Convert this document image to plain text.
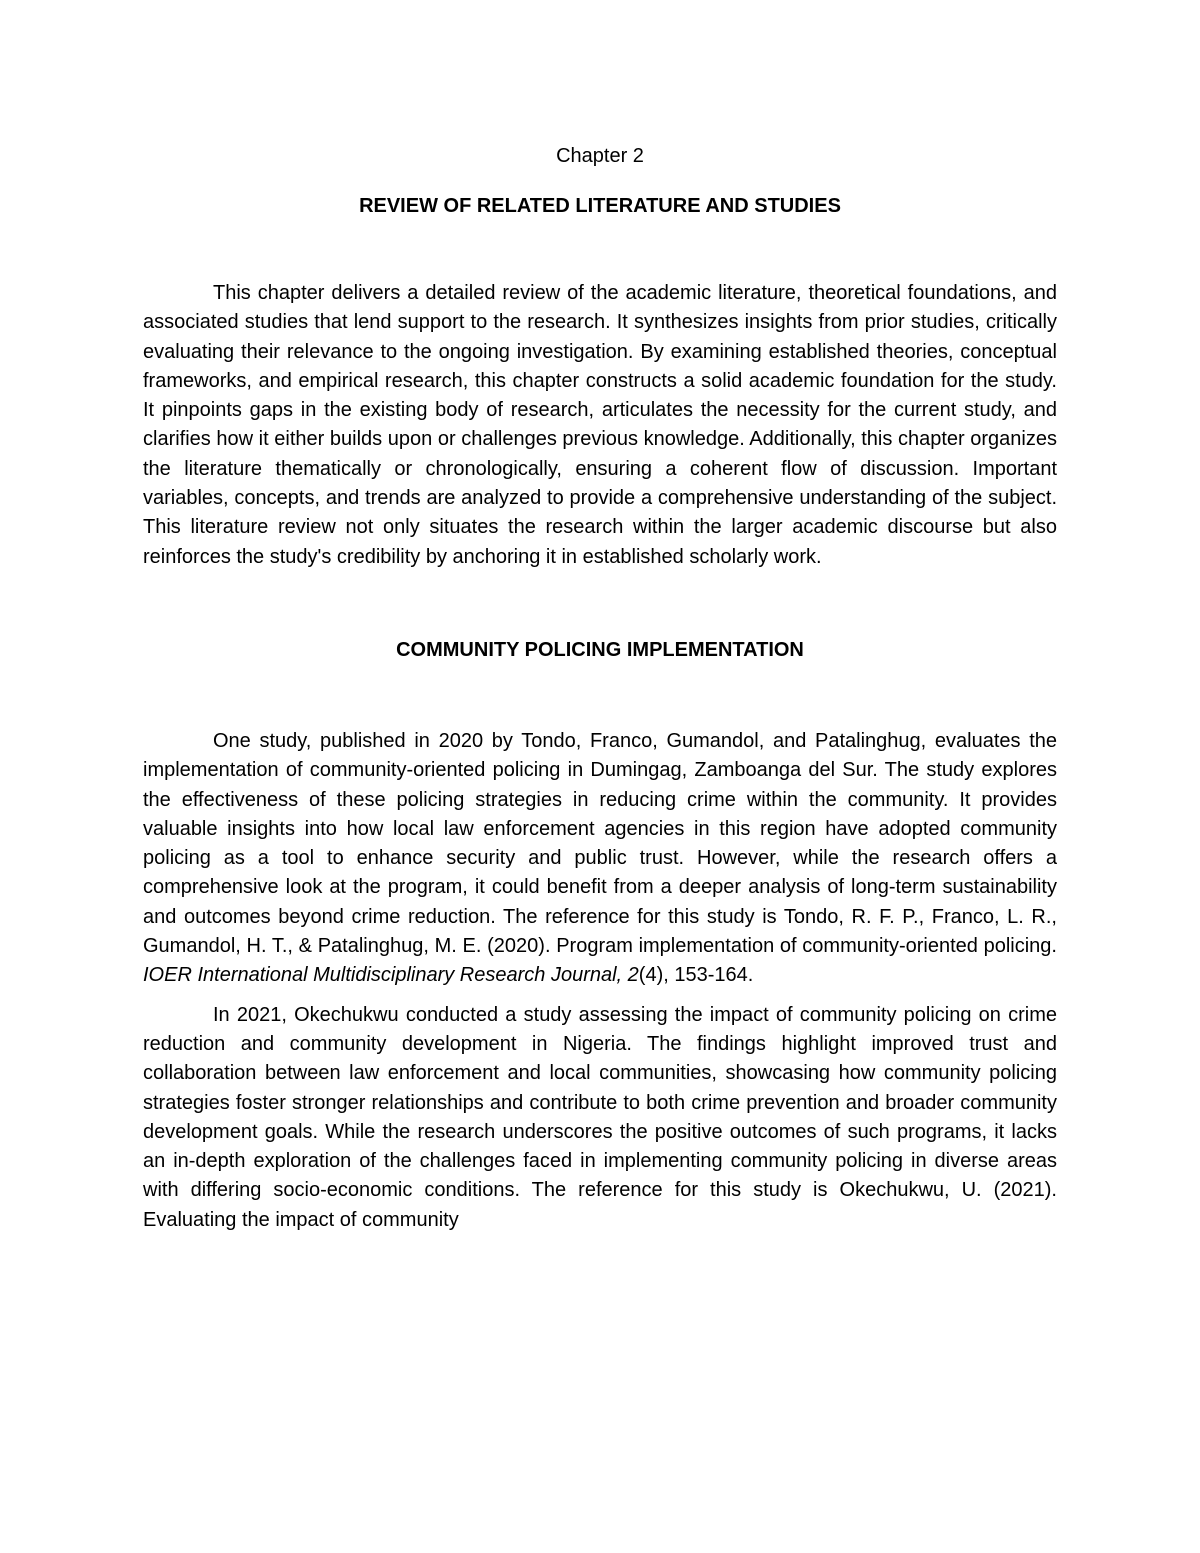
Chapter 2
REVIEW OF RELATED LITERATURE AND STUDIES

This chapter delivers a detailed review of the academic literature, theoretical foundations, and associated studies that lend support to the research. It synthesizes insights from prior studies, critically evaluating their relevance to the ongoing investigation. By examining established theories, conceptual frameworks, and empirical research, this chapter constructs a solid academic foundation for the study. It pinpoints gaps in the existing body of research, articulates the necessity for the current study, and clarifies how it either builds upon or challenges previous knowledge. Additionally, this chapter organizes the literature thematically or chronologically, ensuring a coherent flow of discussion. Important variables, concepts, and trends are analyzed to provide a comprehensive understanding of the subject. This literature review not only situates the research within the larger academic discourse but also reinforces the study's credibility by anchoring it in established scholarly work.

COMMUNITY POLICING IMPLEMENTATION

One study, published in 2020 by Tondo, Franco, Gumandol, and Patalinghug, evaluates the implementation of community-oriented policing in Dumingag, Zamboanga del Sur. The study explores the effectiveness of these policing strategies in reducing crime within the community. It provides valuable insights into how local law enforcement agencies in this region have adopted community policing as a tool to enhance security and public trust. However, while the research offers a comprehensive look at the program, it could benefit from a deeper analysis of long-term sustainability and outcomes beyond crime reduction. The reference for this study is Tondo, R. F. P., Franco, L. R., Gumandol, H. T., & Patalinghug, M. E. (2020). Program implementation of community-oriented policing. IOER International Multidisciplinary Research Journal, 2(4), 153-164.

In 2021, Okechukwu conducted a study assessing the impact of community policing on crime reduction and community development in Nigeria. The findings highlight improved trust and collaboration between law enforcement and local communities, showcasing how community policing strategies foster stronger relationships and contribute to both crime prevention and broader community development goals. While the research underscores the positive outcomes of such programs, it lacks an in-depth exploration of the challenges faced in implementing community policing in diverse areas with differing socio-economic conditions. The reference for this study is Okechukwu, U. (2021). Evaluating the impact of community
